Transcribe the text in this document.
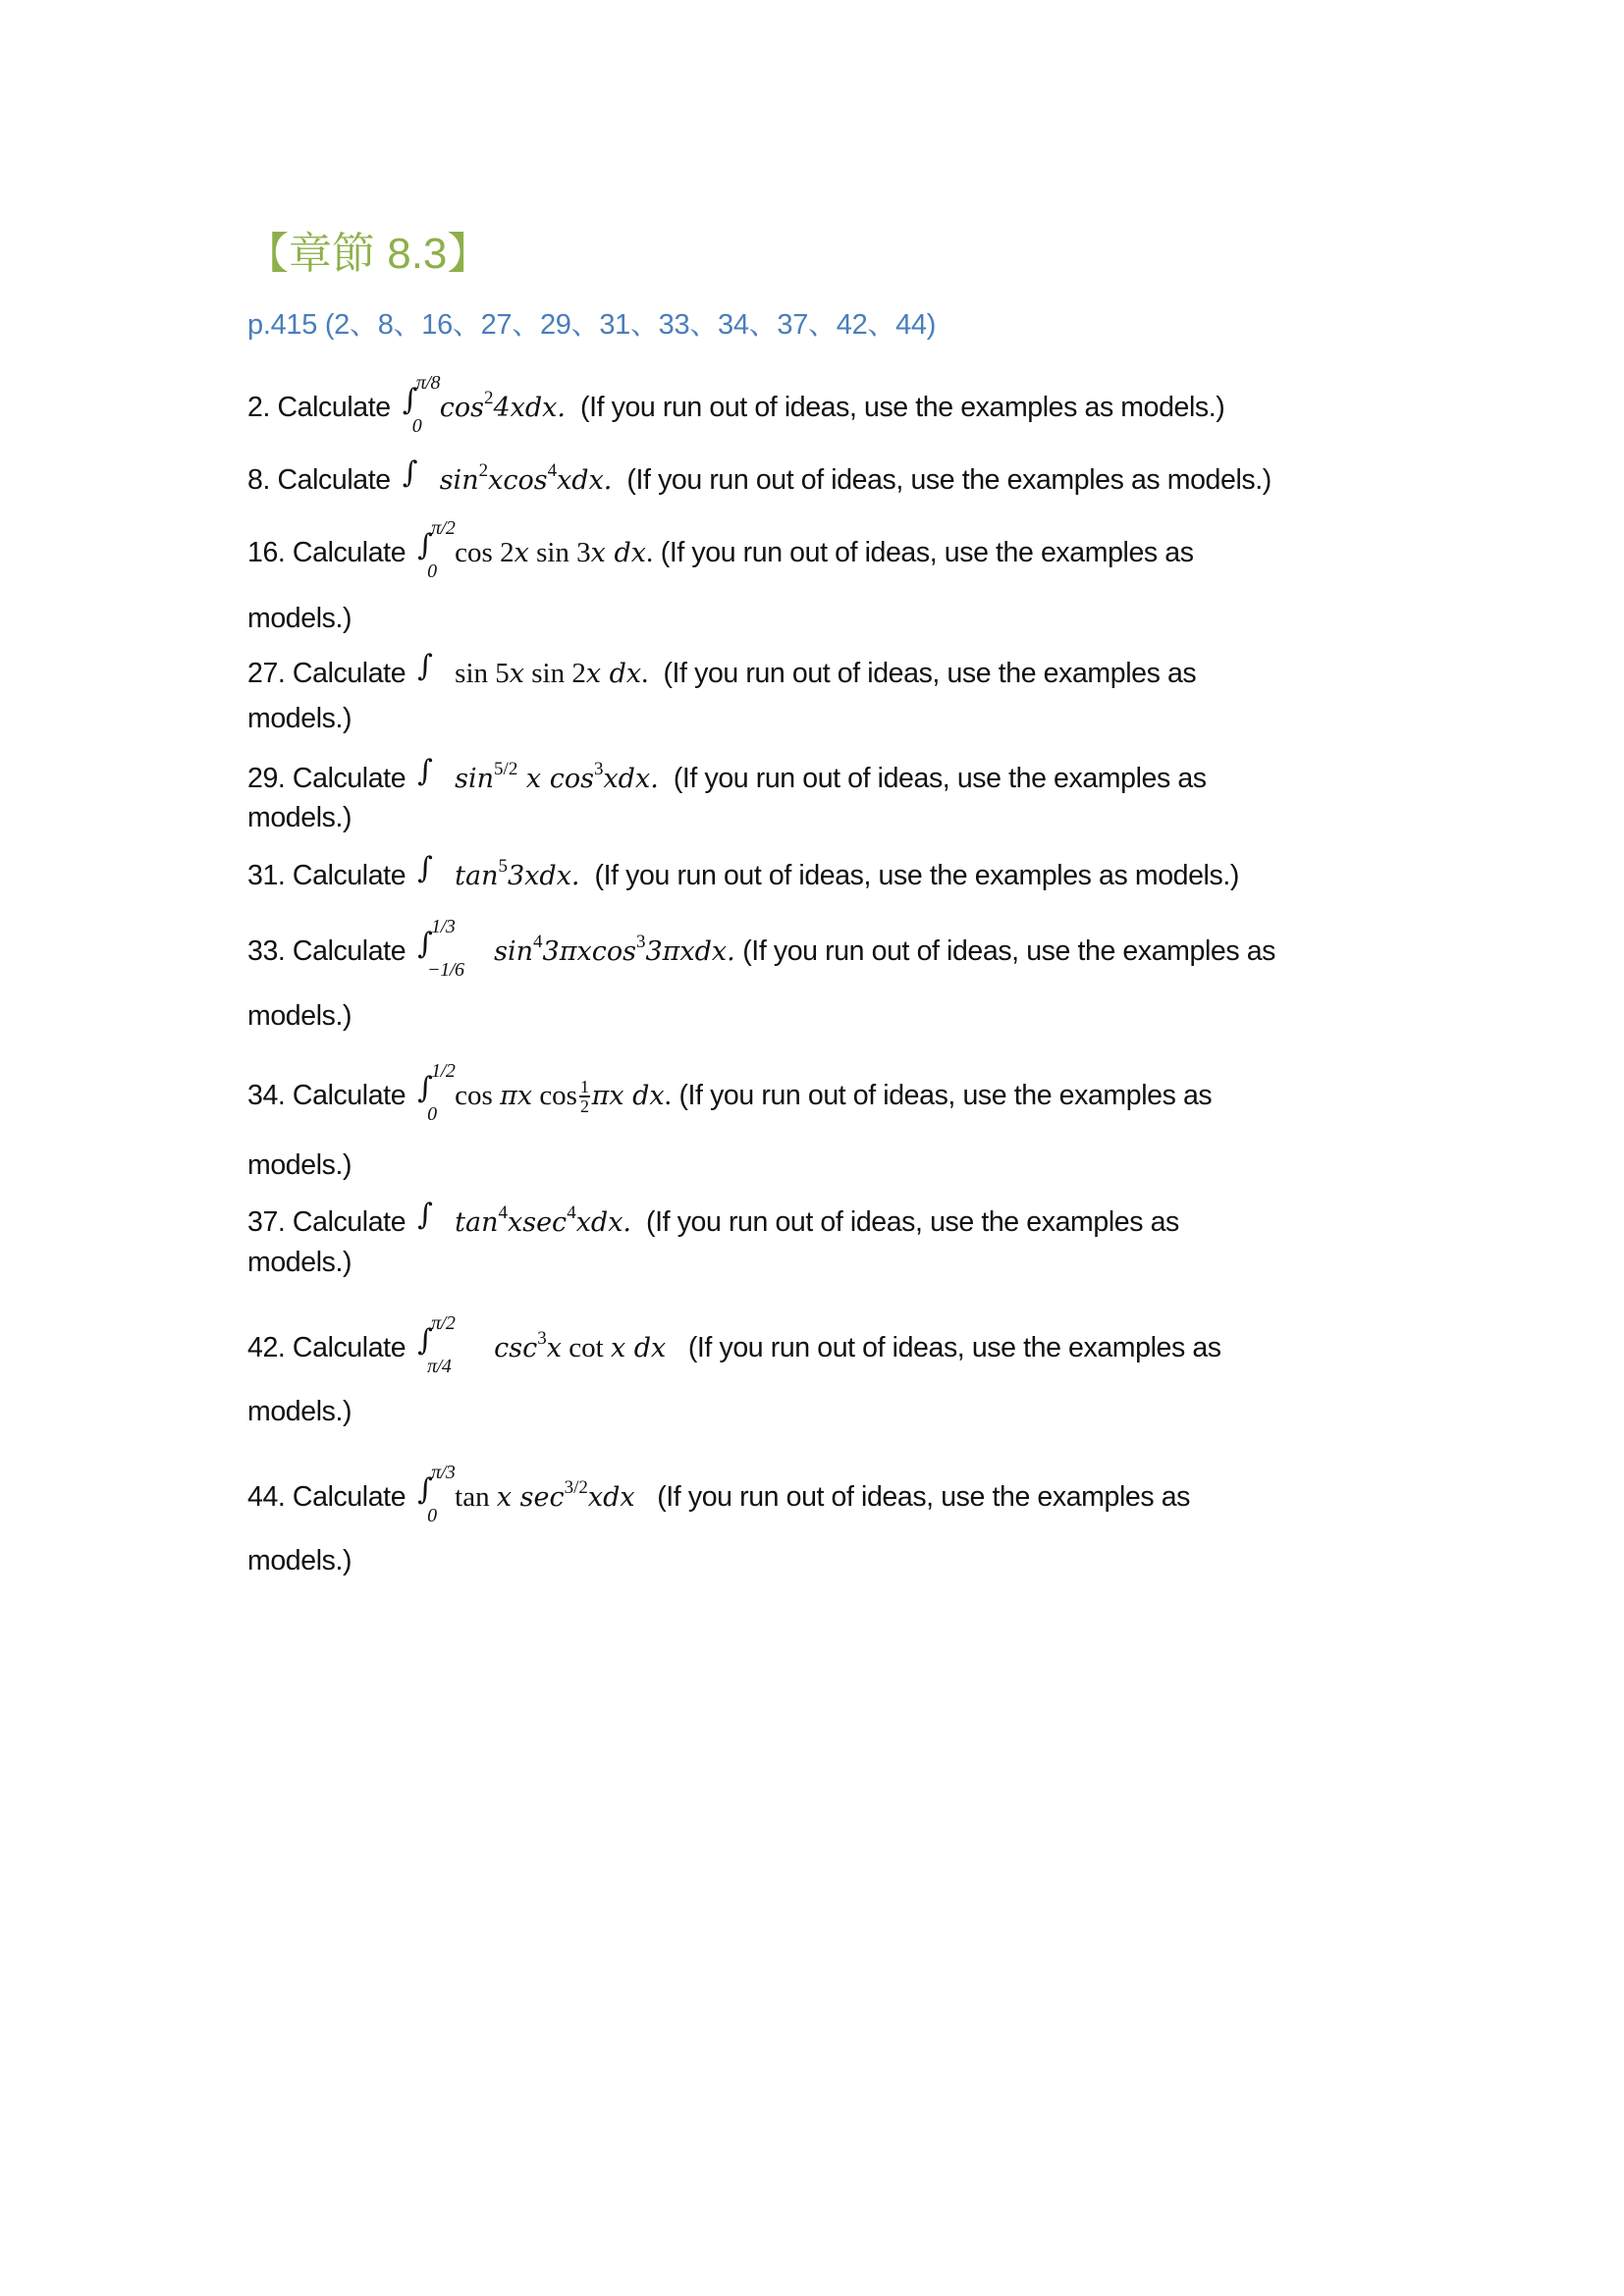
【章節 8.3】
p.415 (2、8、16、27、29、31、33、34、37、42、44)
2. Calculate ∫
π/8
0
$\cos^24xdx$.  (If you run out of ideas, use the examples as models.)
8. Calculate ∫ $\sin^2xcos^4xdx$.  (If you run out of ideas, use the examples as models.)
16. Calculate ∫
π/2
0
cos 2x sin 3x dx. (If you run out of ideas, use the examples as
models.)
27. Calculate ∫ sin 5x sin 2x dx.  (If you run out of ideas, use the examples as
models.)
29. Calculate ∫ $\sin^{5/2} x$ $\cos^3xdx$.  (If you run out of ideas, use the examples as
models.)
31. Calculate ∫ $\tan^53xdx$.  (If you run out of ideas, use the examples as models.)
33. Calculate ∫
1/3
−1/6
$\sin^43\pi xcos^33\pi xdx$. (If you run out of ideas, use the examples as
models.)
34. Calculate ∫
1/2
0
cos πx $\cos \frac{1}{2}$ πx dx. (If you run out of ideas, use the examples as
models.)
37. Calculate ∫ $\tan^4xsec^4xdx$.  (If you run out of ideas, use the examples as
models.)
42. Calculate ∫
π/2
π/4
$\csc^3x$ cot x dx   (If you run out of ideas, use the examples as
models.)
44. Calculate ∫
π/3
0
tan x $\sec^{3/2}xdx$   (If you run out of ideas, use the examples as
models.)
